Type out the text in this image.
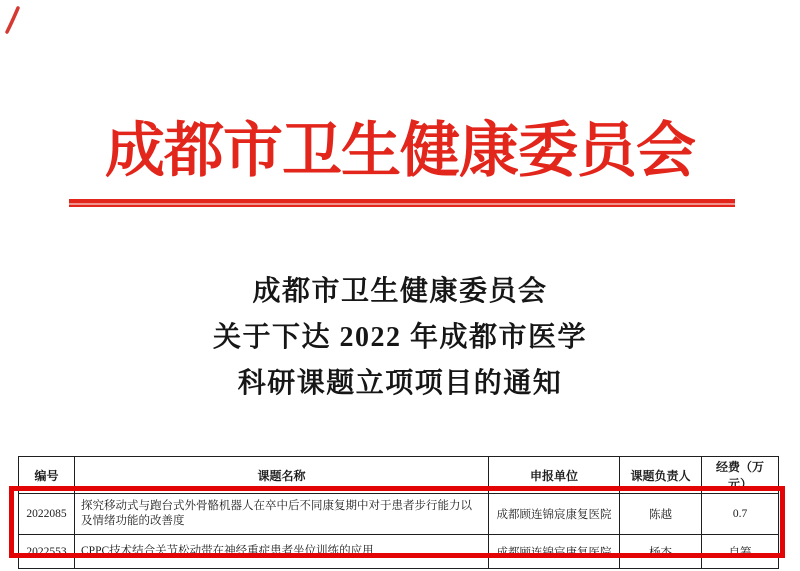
成都市卫生健康委员会
成都市卫生健康委员会
关于下达 2022 年成都市医学
科研课题立项项目的通知
编号	课题名称	申报单位	课题负责人	经费（万元）
2022085	探究移动式与跑台式外骨骼机器人在卒中后不同康复期中对于患者步行能力以及情绪功能的改善度	成都顾连锦宸康复医院	陈越	0.7
2022553	CPPC技术结合关节松动带在神经重症患者坐位训练的应用	成都顾连锦宸康复医院	杨杰	自筹
